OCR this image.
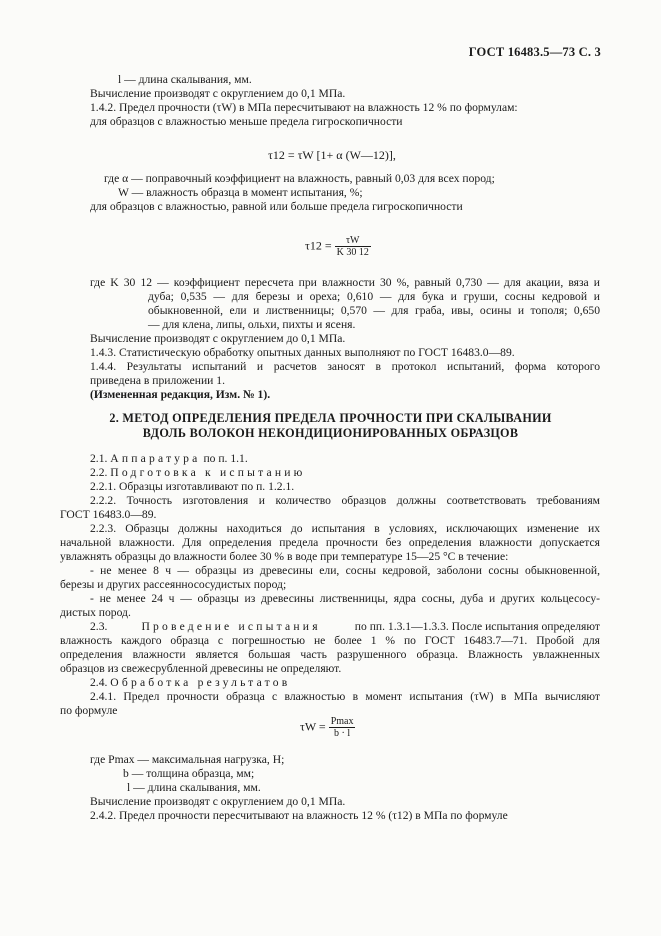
ГОСТ 16483.5—73 С. 3
l — длина скалывания, мм.
Вычисление производят с округлением до 0,1 МПа.
1.4.2. Предел прочности (τW) в МПа пересчитывают на влажность 12 % по формулам:
для образцов с влажностью меньше предела гигроскопичности
τ12 = τW [1+ α (W—12)],
где α — поправочный коэффициент на влажность, равный 0,03 для всех пород;
W — влажность образца в момент испытания, %;
для образцов с влажностью, равной или больше предела гигроскопичности
$\tau 12 = \frac{\tau W}{K 30 12}$
где K 30 12 — коэффициент пересчета при влажности 30 %, равный 0,730 — для акации, вяза и
дуба; 0,535 — для березы и ореха; 0,610 — для бука и груши, сосны кедровой и
обыкновенной, ели и лиственницы; 0,570 — для граба, ивы, осины и тополя; 0,650
— для клена, липы, ольхи, пихты и ясеня.
Вычисление производят с округлением до 0,1 МПа.
1.4.3. Статистическую обработку опытных данных выполняют по ГОСТ 16483.0—89.
1.4.4. Результаты испытаний и расчетов заносят в протокол испытаний, форма которого
приведена в приложении 1.
(Измененная редакция, Изм. № 1).
2. МЕТОД ОПРЕДЕЛЕНИЯ ПРЕДЕЛА ПРОЧНОСТИ ПРИ СКАЛЫВАНИИ
ВДОЛЬ ВОЛОКОН НЕКОНДИЦИОНИРОВАННЫХ ОБРАЗЦОВ
2.1. Аппаратура по п. 1.1.
2.2. Подготовка к испытанию
2.2.1. Образцы изготавливают по п. 1.2.1.
2.2.2. Точность изготовления и количество образцов должны соответствовать требованиям
ГОСТ 16483.0—89.
2.2.3. Образцы должны находиться до испытания в условиях, исключающих изменение их
начальной влажности. Для определения предела прочности без определения влажности допускается
увлажнять образцы до влажности более 30 % в воде при температуре 15—25 °С в течение:
- не менее 8 ч — образцы из древесины ели, сосны кедровой, заболони сосны обыкновенной,
березы и других рассеяннососудистых пород;
- не менее 24 ч — образцы из древесины лиственницы, ядра сосны, дуба и других кольцесосу-
дистых пород.
2.3.	Проведение испытания	по пп. 1.3.1—1.3.3. После испытания определяют
влажность каждого образца с погрешностью не более 1 % по ГОСТ 16483.7—71. Пробой для
определения влажности является большая часть разрушенного образца. Влажность увлажненных
образцов из свежесрубленной древесины не определяют.
2.4. Обработка результатов
2.4.1. Предел прочности образца с влажностью в момент испытания (τW) в МПа вычисляют
по формуле
$\tau W = \frac{Pmax}{b \cdot l}$
где Pmax — максимальная нагрузка, Н;
b — толщина образца, мм;
l — длина скалывания, мм.
Вычисление производят с округлением до 0,1 МПа.
2.4.2. Предел прочности пересчитывают на влажность 12 % (τ12) в МПа по формуле
